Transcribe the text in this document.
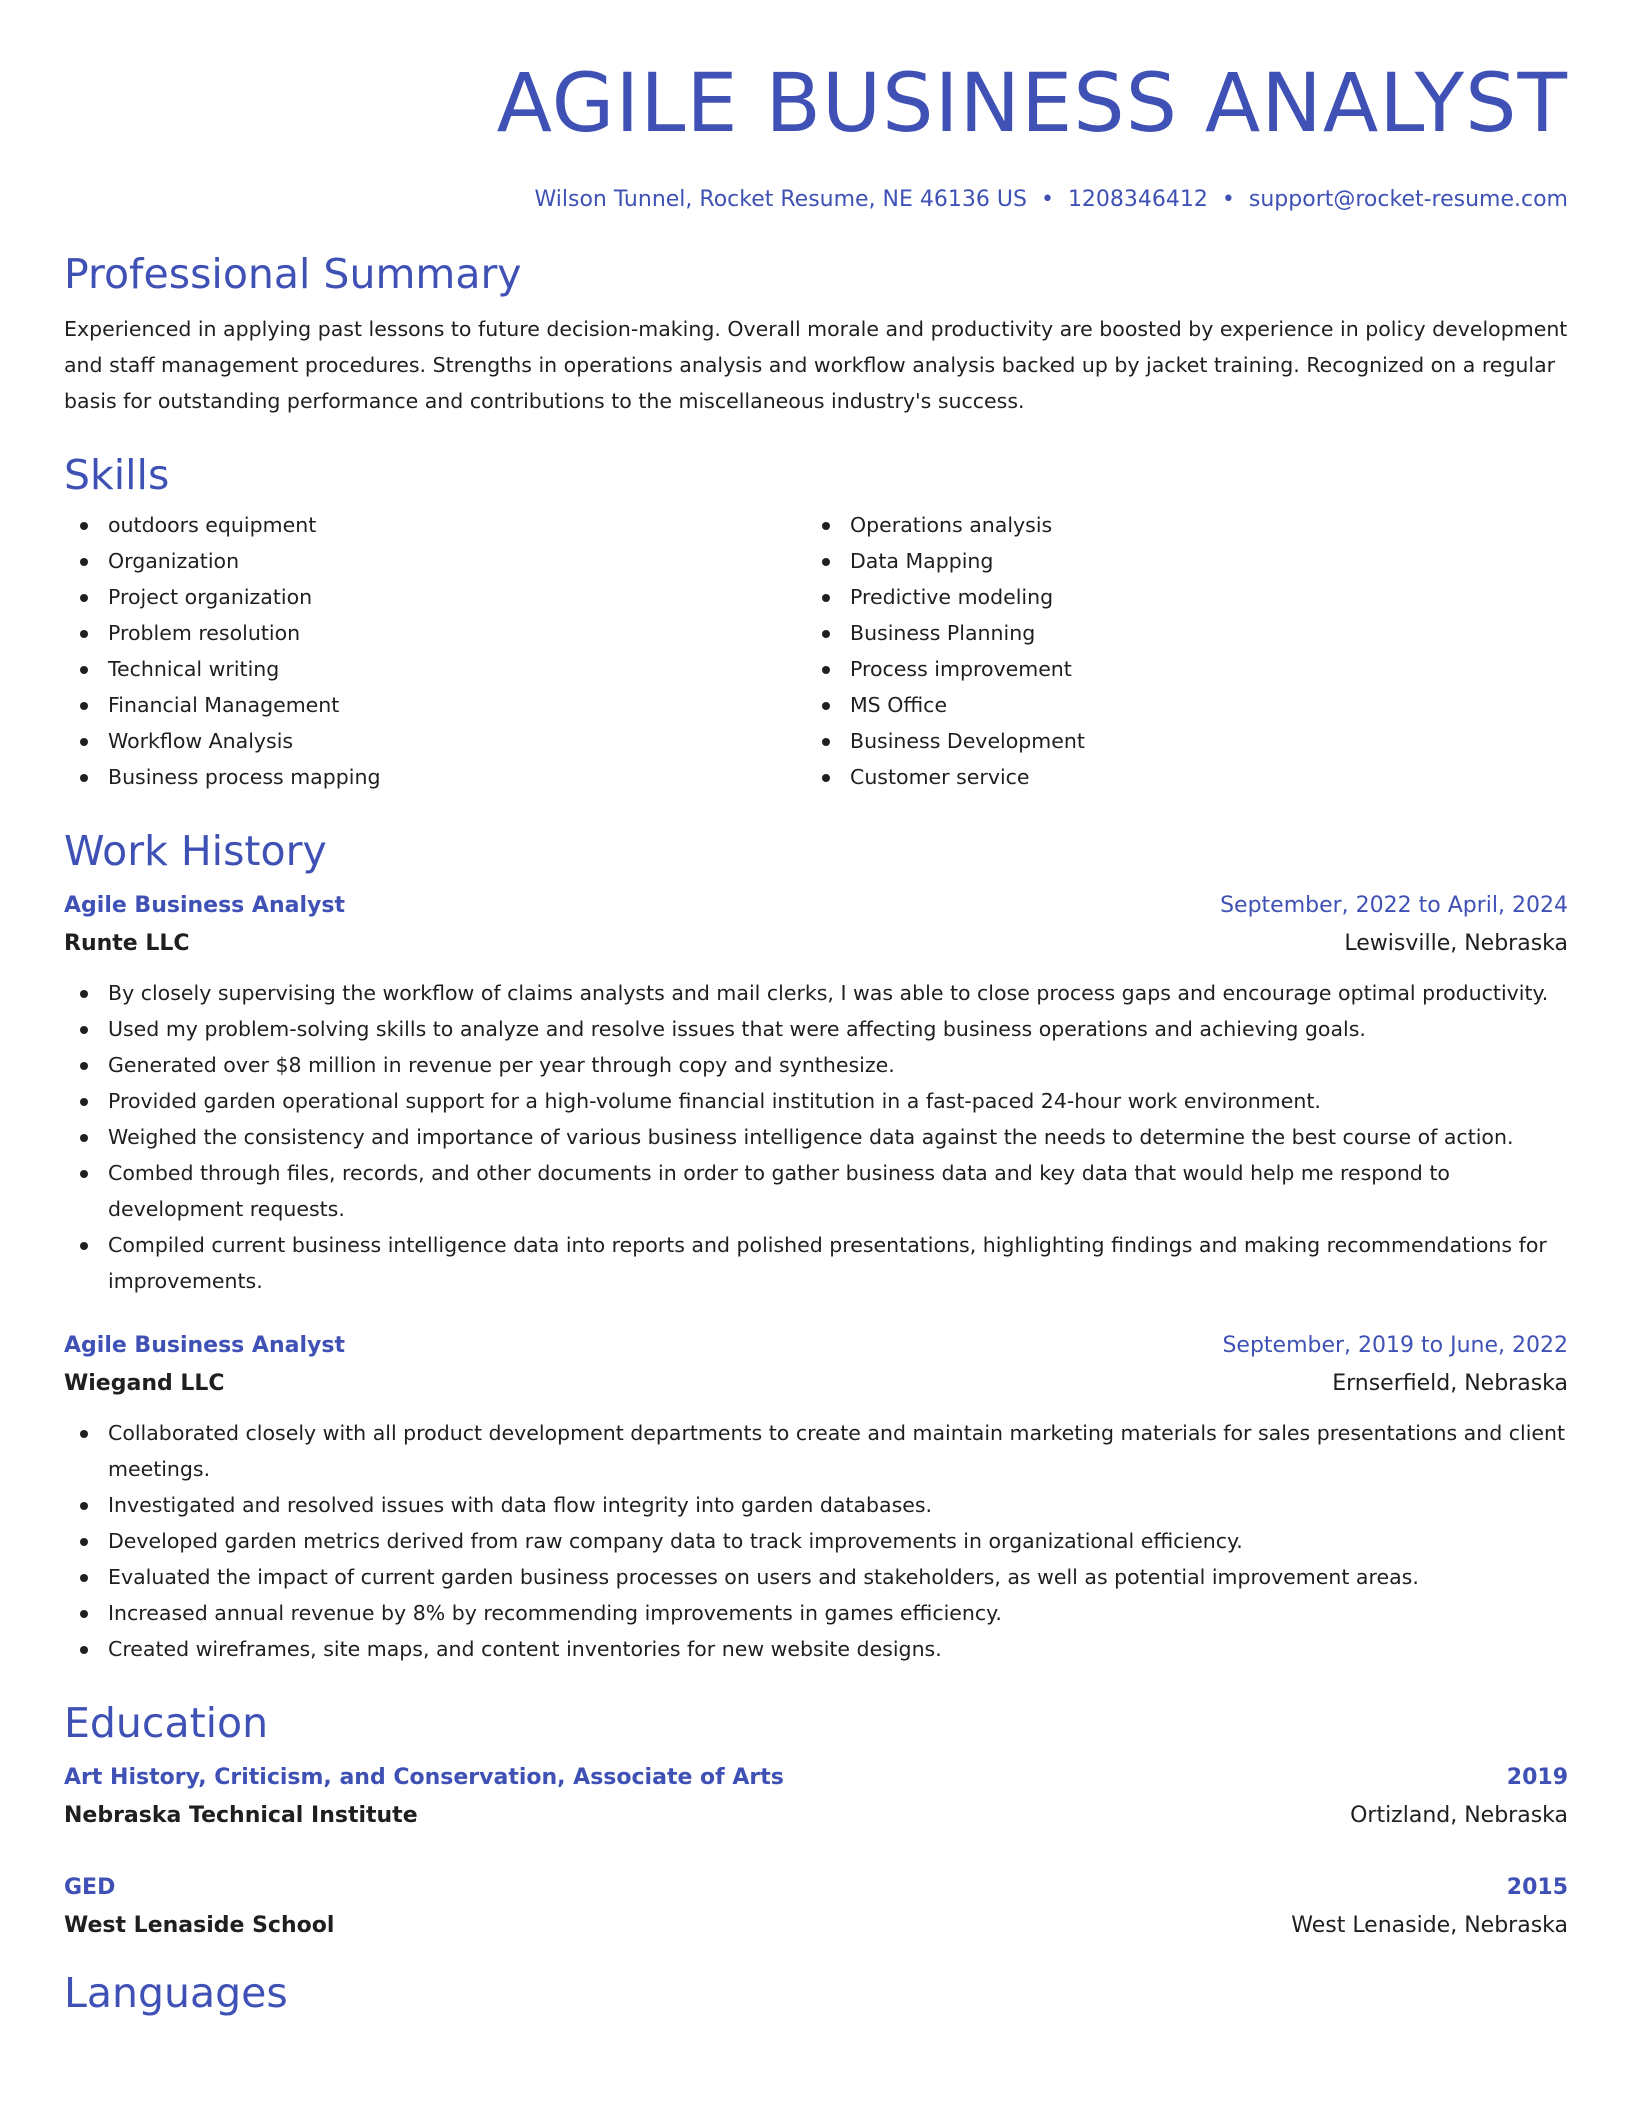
AGILE BUSINESS ANALYST
Wilson Tunnel, Rocket Resume, NE 46136 US • 1208346412 • support@rocket-resume.com
Professional Summary

Experienced in applying past lessons to future decision-making. Overall morale and productivity are boosted by experience in policy development and staff management procedures. Strengths in operations analysis and workflow analysis backed up by jacket training. Recognized on a regular basis for outstanding performance and contributions to the miscellaneous industry's success.

Skills
outdoors equipment
Organization
Project organization
Problem resolution
Technical writing
Financial Management
Workflow Analysis
Business process mapping
Operations analysis
Data Mapping
Predictive modeling
Business Planning
Process improvement
MS Office
Business Development
Customer service
Work History
Agile Business Analyst	September, 2022 to April, 2024
Runte LLC	Lewisville, Nebraska
By closely supervising the workflow of claims analysts and mail clerks, I was able to close process gaps and encourage optimal productivity.
Used my problem-solving skills to analyze and resolve issues that were affecting business operations and achieving goals.
Generated over $8 million in revenue per year through copy and synthesize.
Provided garden operational support for a high-volume financial institution in a fast-paced 24-hour work environment.
Weighed the consistency and importance of various business intelligence data against the needs to determine the best course of action.
Combed through files, records, and other documents in order to gather business data and key data that would help me respond to development requests.
Compiled current business intelligence data into reports and polished presentations, highlighting findings and making recommendations for improvements.
Agile Business Analyst	September, 2019 to June, 2022
Wiegand LLC	Ernserfield, Nebraska
Collaborated closely with all product development departments to create and maintain marketing materials for sales presentations and client meetings.
Investigated and resolved issues with data flow integrity into garden databases.
Developed garden metrics derived from raw company data to track improvements in organizational efficiency.
Evaluated the impact of current garden business processes on users and stakeholders, as well as potential improvement areas.
Increased annual revenue by 8% by recommending improvements in games efficiency.
Created wireframes, site maps, and content inventories for new website designs.
Education
Art History, Criticism, and Conservation, Associate of Arts	2019
Nebraska Technical Institute	Ortizland, Nebraska
GED	2015
West Lenaside School	West Lenaside, Nebraska
Languages
